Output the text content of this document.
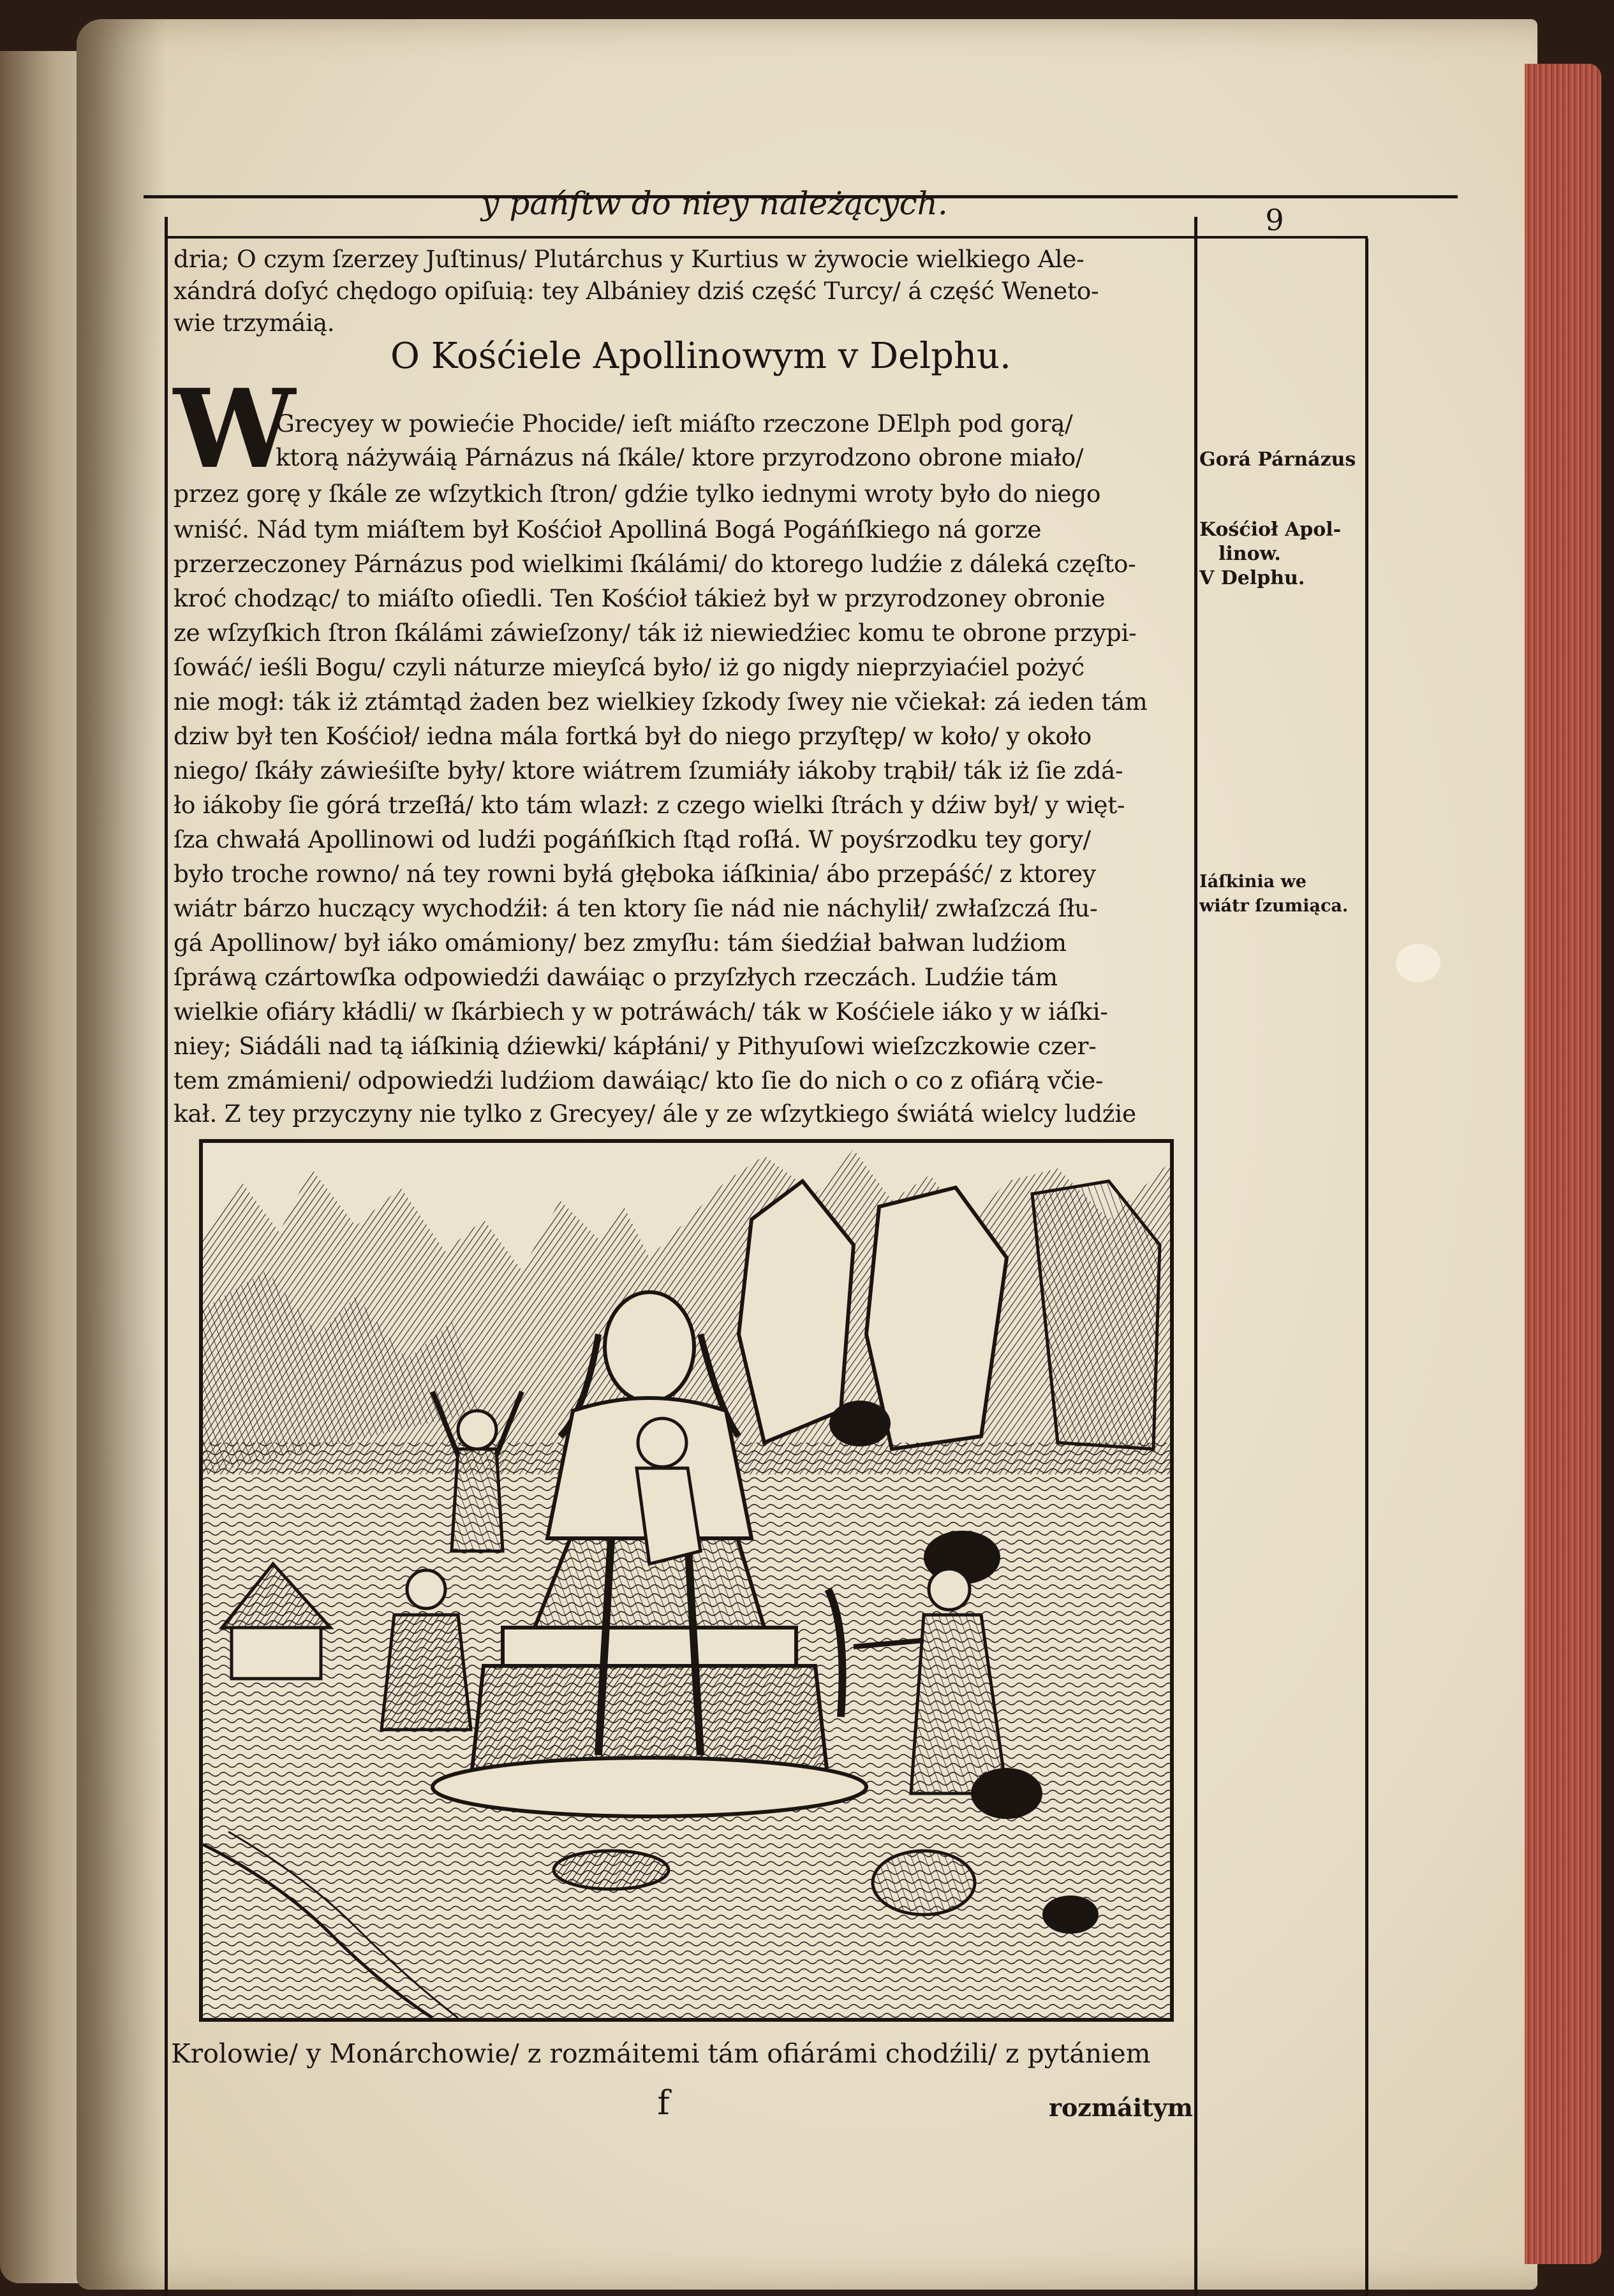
y pańſtw do niey należących.	9
dria; O czym ſzerzey Juſtinus/ Plutárchus y Kurtius w żywocie wielkiego Ale-
xándrá doſyć chędogo opiſuią: tey Albániey dziś część Turcy/ á część Weneto-
wie trzymáią.
O Kośćiele Apollinowym v Delphu.
W
Grecyey w powiećie Phocide/ ieſt miáſto rzeczone DElph pod gorą/
ktorą náżywáią Párnázus ná ſkále/ ktore przyrodzono obrone miało/
przez gorę y ſkále ze wſzytkich ſtron/ gdźie tylko iednymi wroty było do niego
wniść. Nád tym miáſtem był Kośćioł Apolliná Bogá Pogáńſkiego ná gorze
przerzeczoney Párnázus pod wielkimi ſkálámi/ do ktorego ludźie z dáleká częſto-
kroć chodząc/ to miáſto oſiedli. Ten Kośćioł tákież był w przyrodzoney obronie
ze wſzyſkich ſtron ſkálámi záwieſzony/ ták iż niewiedźiec komu te obrone przypi-
ſowáć/ ieśli Bogu/ czyli náturze mieyſcá było/ iż go nigdy nieprzyiaćiel pożyć
nie mogł: ták iż ztámtąd żaden bez wielkiey ſzkody ſwey nie včiekał: zá ieden tám
dziw był ten Kośćioł/ iedna mála fortká był do niego przyſtęp/ w koło/ y około
niego/ ſkáły záwieśiſte były/ ktore wiátrem ſzumiáły iákoby trąbił/ ták iż ſie zdá-
ło iákoby ſie górá trzeſłá/ kto tám wlazł: z czego wielki ſtrách y dźiw był/ y więt-
ſza chwałá Apollinowi od ludźi pogáńſkich ſtąd roſłá. W poyśrzodku tey gory/
było troche rowno/ ná tey rowni byłá głęboka iáſkinia/ ábo przepáść/ z ktorey
wiátr bárzo huczący wychodźił: á ten ktory ſie nád nie náchylił/ zwłaſzczá ſłu-
gá Apollinow/ był iáko omámiony/ bez zmyſłu: tám śiedźiał bałwan ludźiom
ſpráwą czártowſka odpowiedźi dawáiąc o przyſzłych rzeczách. Ludźie tám
wielkie ofiáry kłádli/ w ſkárbiech y w potráwách/ ták w Kośćiele iáko y w iáſki-
niey; Siádáli nad tą iáſkinią dźiewki/ kápłáni/ y Pithyuſowi wieſzczkowie czer-
tem zmámieni/ odpowiedźi ludźiom dawáiąc/ kto ſie do nich o co z ofiárą včie-
kał. Z tey przyczyny nie tylko z Grecyey/ ále y ze wſzytkiego świátá wielcy ludźie
Gorá Párnázus
Kośćioł Apol-
linow.
V Delphu.
Iáſkinia we
wiátr ſzumiąca.
Krolowie/ y Monárchowie/ z rozmáitemi tám ofiárámi chodźili/ z pytániem
f	rozmáitym
